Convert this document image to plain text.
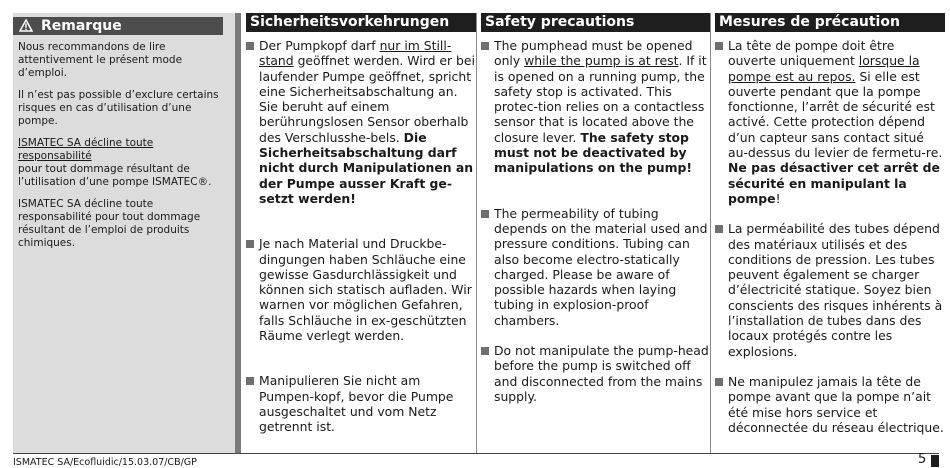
Remarque

Nous recommandons de lire attentivement le présent mode d’emploi.

Il n’est pas possible d’exclure certains risques en cas d’utilisation d’une pompe.

ISMATEC SA décline toute responsabilité
pour tout dommage résultant de l’utilisation d’une pompe ISMATEC®.

ISMATEC SA décline toute responsabilité pour tout dommage résultant de l’emploi de produits chimiques.

Sicherheitsvorkehrungen
Der Pumpkopf darf nur im Still-stand geöffnet werden. Wird er bei laufender Pumpe geöffnet, spricht eine Sicherheitsabschaltung an. Sie beruht auf einem berührungslosen Sensor oberhalb des Verschlusshe-bels. Die Sicherheitsabschaltung darf nicht durch Manipulationen an der Pumpe ausser Kraft ge-setzt werden!
Je nach Material und Druckbe-dingungen haben Schläuche eine gewisse Gasdurchlässigkeit und können sich statisch aufladen. Wir warnen vor möglichen Gefahren, falls Schläuche in ex-geschützten Räume verlegt werden.
Manipulieren Sie nicht am Pumpen-kopf, bevor die Pumpe ausgeschaltet und vom Netz getrennt ist.
Safety precautions
The pumphead must be opened only while the pump is at rest. If it is opened on a running pump, the safety stop is activated. This protec-tion relies on a contactless sensor that is located above the closure lever. The safety stop must not be deactivated by manipulations on the pump!
The permeability of tubing depends on the material used and pressure conditions. Tubing can also become electro-statically charged. Please be aware of possible hazards when laying tubing in explosion-proof chambers.
Do not manipulate the pump-head before the pump is switched off and disconnected from the mains supply.
Mesures de précaution
La tête de pompe doit être ouverte uniquement lorsque la pompe est au repos. Si elle est ouverte pendant que la pompe fonctionne, l’arrêt de sécurité est activé. Cette protection dépend d’un capteur sans contact situé au-dessus du levier de fermetu-re. Ne pas désactiver cet arrêt de sécurité en manipulant la pompe!
La perméabilité des tubes dépend des matériaux utilisés et des conditions de pression. Les tubes peuvent également se charger d’électricité statique. Soyez bien conscients des risques inhérents à l’installation de tubes dans des locaux protégés contre les explosions.
Ne manipulez jamais la tête de pompe avant que la pompe n’ait été mise hors service et déconnectée du réseau électrique.
ISMATEC SA/Ecofluidic/15.03.07/CB/GP	5
